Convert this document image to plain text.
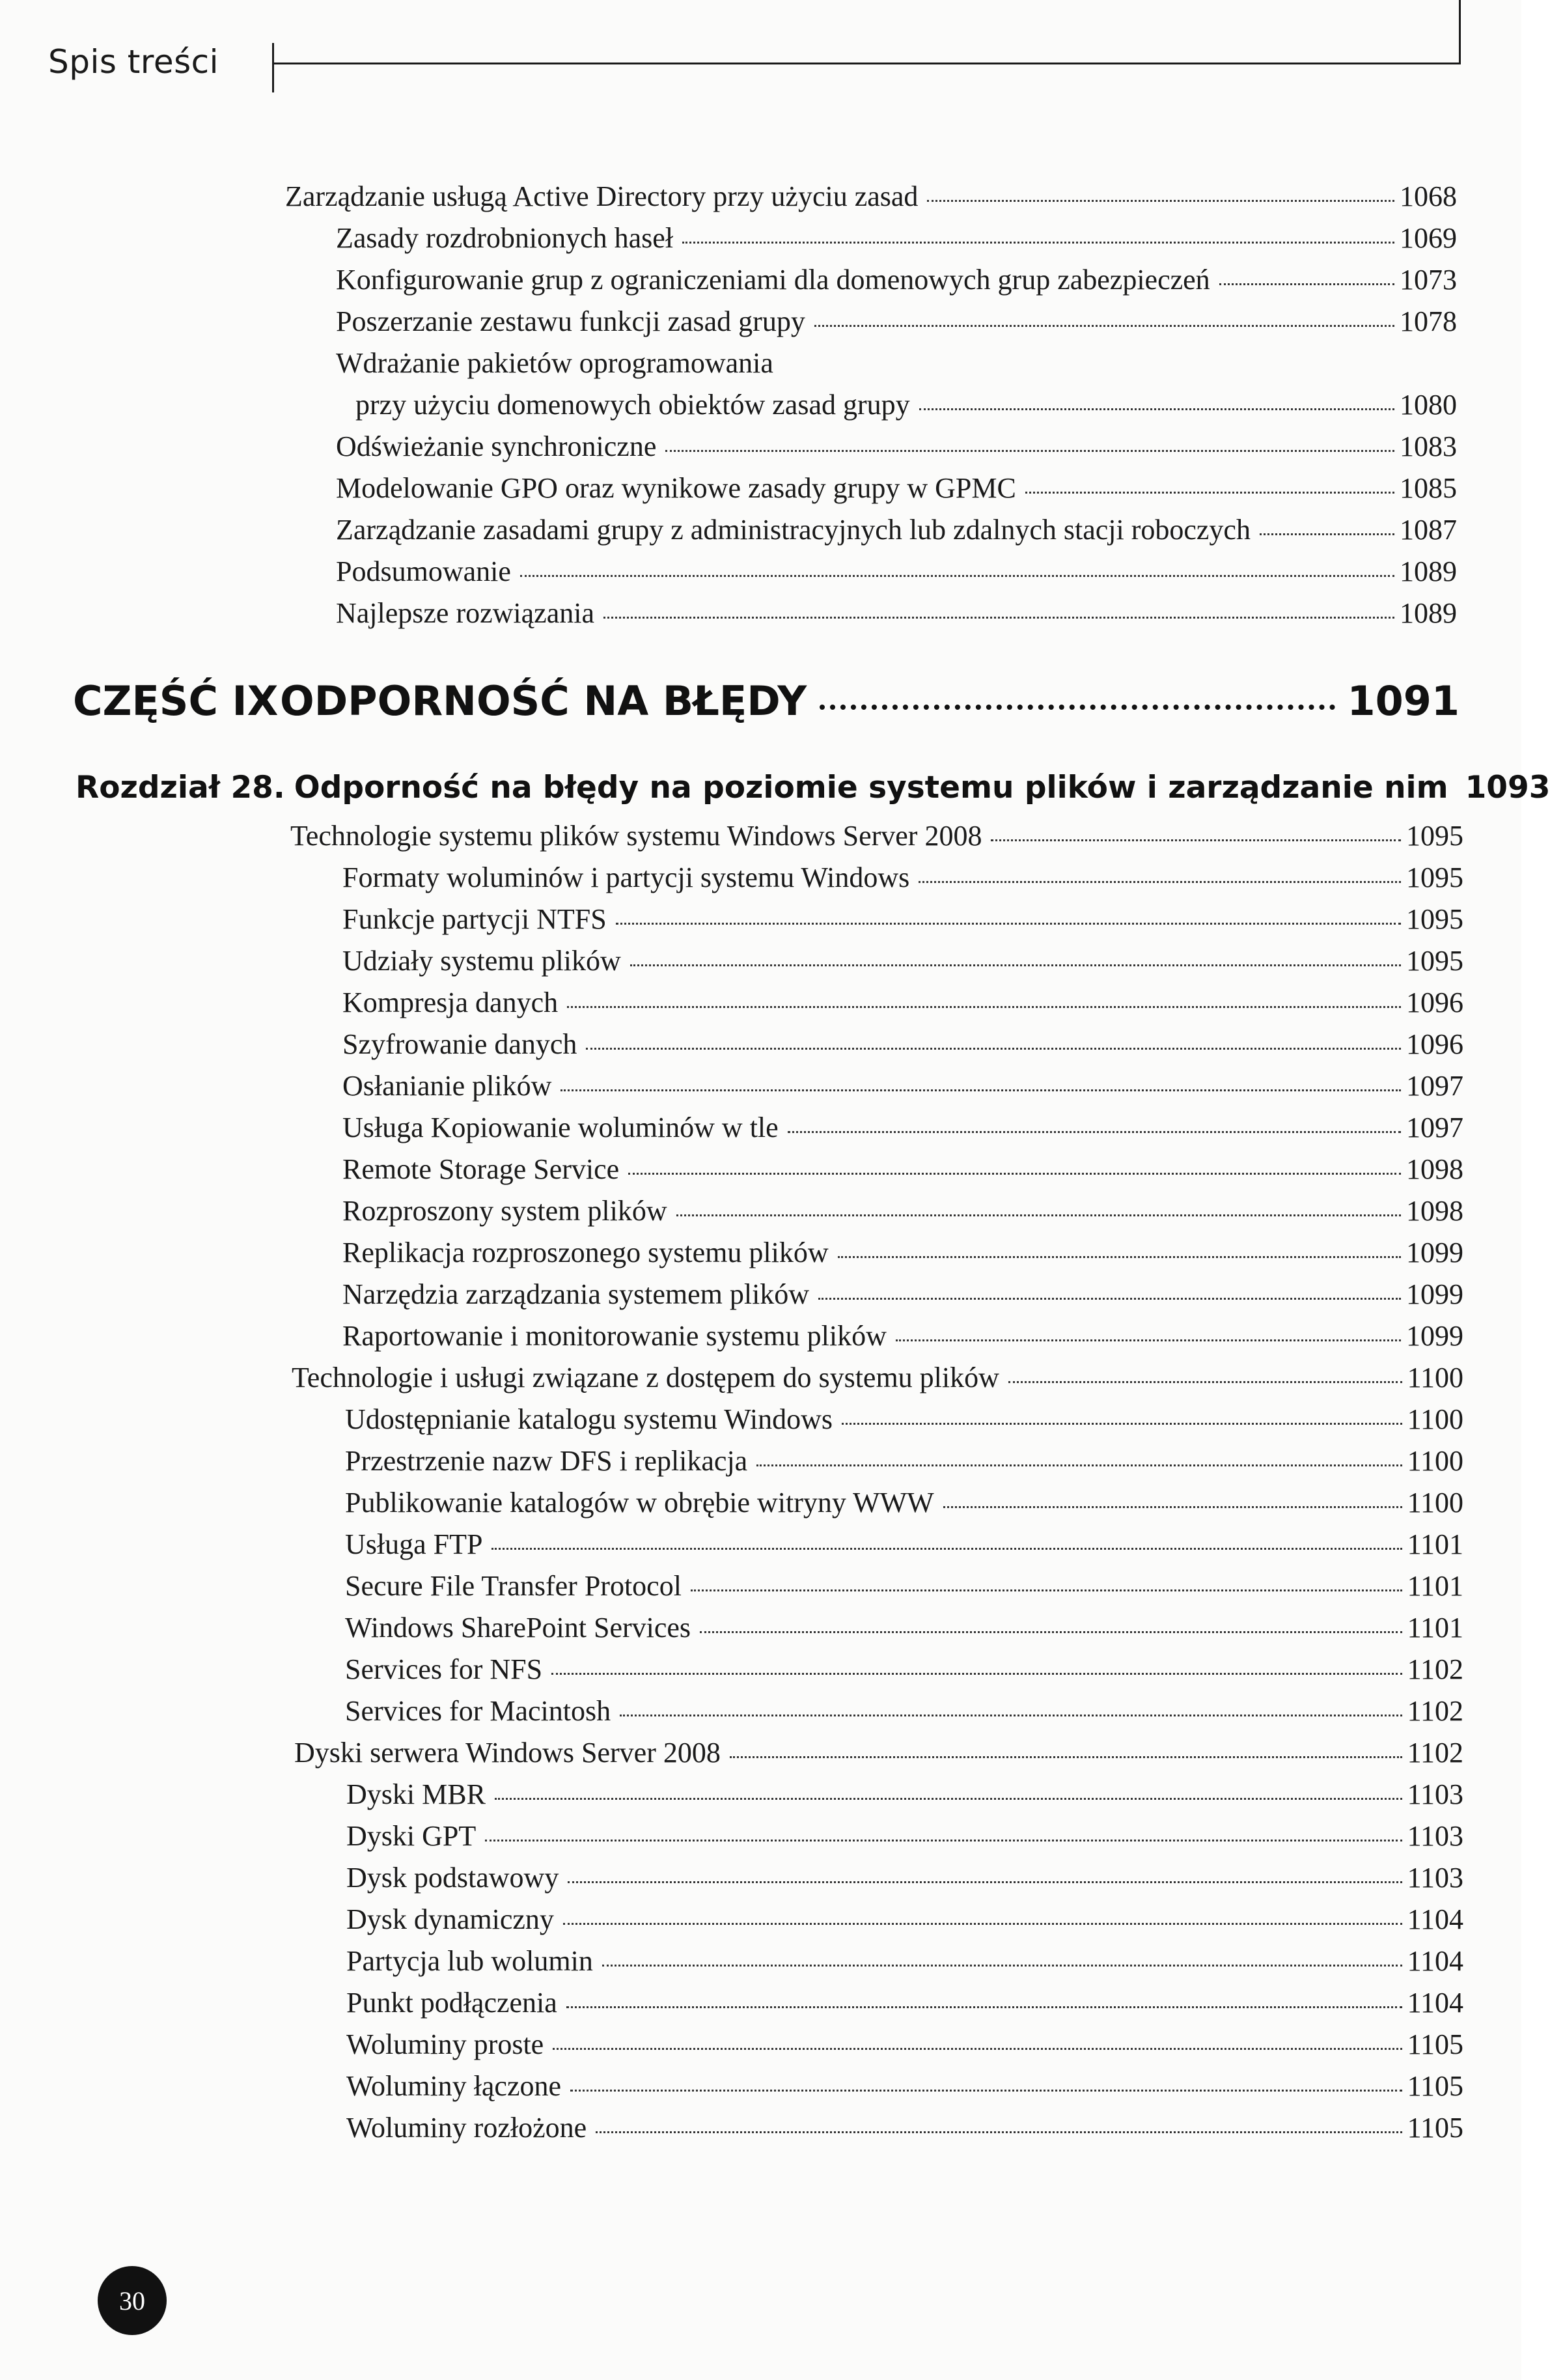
Spis treści
Zarządzanie usługą Active Directory przy użyciu zasad	1068
Zasady rozdrobnionych haseł	1069
Konfigurowanie grup z ograniczeniami dla domenowych grup zabezpieczeń	1073
Poszerzanie zestawu funkcji zasad grupy	1078
Wdrażanie pakietów oprogramowania
przy użyciu domenowych obiektów zasad grupy	1080
Odświeżanie synchroniczne	1083
Modelowanie GPO oraz wynikowe zasady grupy w GPMC	1085
Zarządzanie zasadami grupy z administracyjnych lub zdalnych stacji roboczych	1087
Podsumowanie	1089
Najlepsze rozwiązania	1089
CZĘŚĆ IX ODPORNOŚĆ NA BŁĘDY	1091
Rozdział 28. Odporność na błędy na poziomie systemu plików i zarządzanie nim 1093
Technologie systemu plików systemu Windows Server 2008	1095
Formaty woluminów i partycji systemu Windows	1095
Funkcje partycji NTFS	1095
Udziały systemu plików	1095
Kompresja danych	1096
Szyfrowanie danych	1096
Osłanianie plików	1097
Usługa Kopiowanie woluminów w tle	1097
Remote Storage Service	1098
Rozproszony system plików	1098
Replikacja rozproszonego systemu plików	1099
Narzędzia zarządzania systemem plików	1099
Raportowanie i monitorowanie systemu plików	1099
Technologie i usługi związane z dostępem do systemu plików	1100
Udostępnianie katalogu systemu Windows	1100
Przestrzenie nazw DFS i replikacja	1100
Publikowanie katalogów w obrębie witryny WWW	1100
Usługa FTP	1101
Secure File Transfer Protocol	1101
Windows SharePoint Services	1101
Services for NFS	1102
Services for Macintosh	1102
Dyski serwera Windows Server 2008	1102
Dyski MBR	1103
Dyski GPT	1103
Dysk podstawowy	1103
Dysk dynamiczny	1104
Partycja lub wolumin	1104
Punkt podłączenia	1104
Woluminy proste	1105
Woluminy łączone	1105
Woluminy rozłożone	1105
30
